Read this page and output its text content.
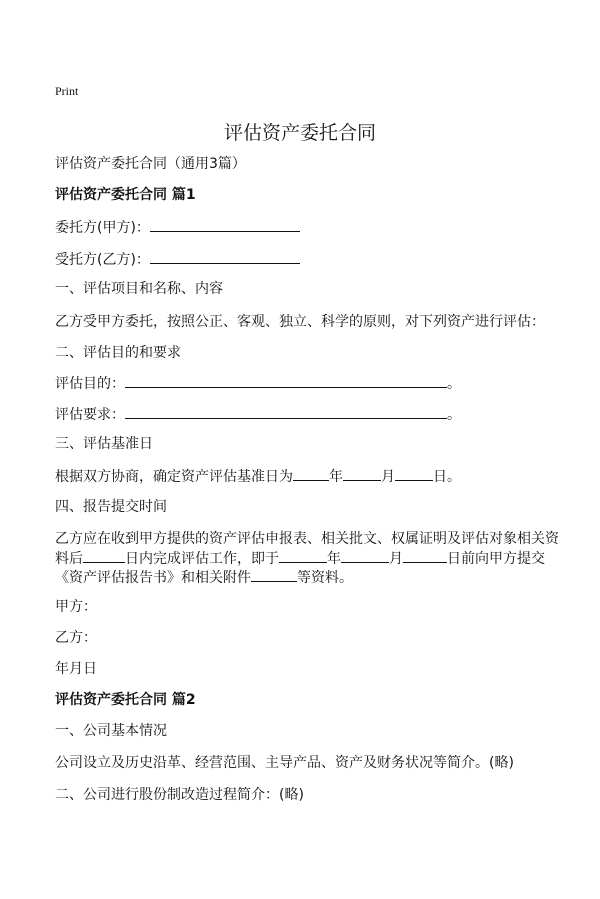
Print
评估资产委托合同
评估资产委托合同（通用3篇）
评估资产委托合同 篇1
委托方(甲方)：
受托方(乙方)：
一、评估项目和名称、内容
乙方受甲方委托，按照公正、客观、独立、科学的原则，对下列资产进行评估：
二、评估目的和要求
评估目的：	。
评估要求：	。
三、评估基准日
根据双方协商，确定资产评估基准日为	年	月	日。
四、报告提交时间
乙方应在收到甲方提供的资产评估申报表、相关批文、权属证明及评估对象相关资
料后	日内完成评估工作，即于	年	月	日前向甲方提交
《资产评估报告书》和相关附件	等资料。
甲方：
乙方：
年月日
评估资产委托合同 篇2
一、公司基本情况
公司设立及历史沿革、经营范围、主导产品、资产及财务状况等简介。(略)
二、公司进行股份制改造过程简介：(略)
